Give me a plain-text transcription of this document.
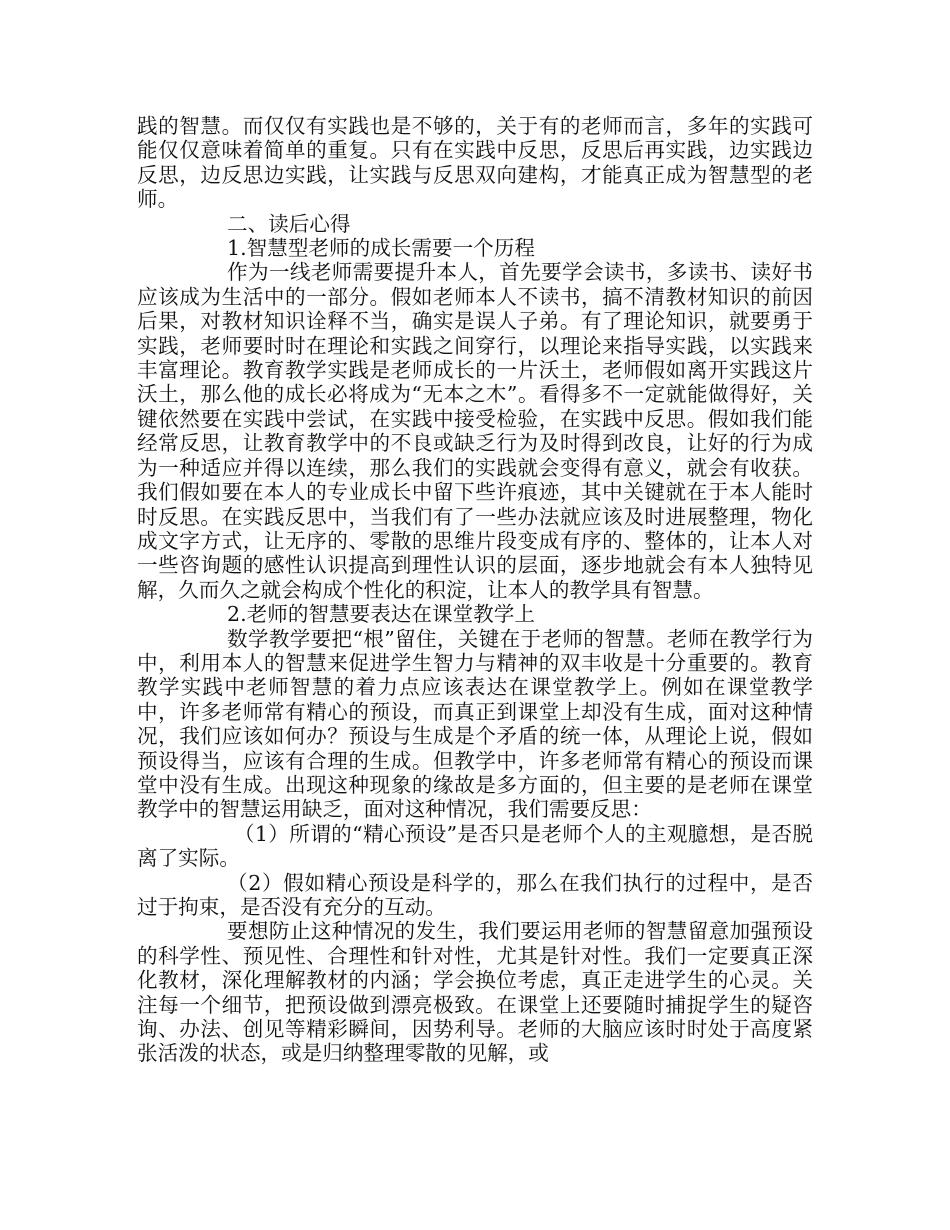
践的智慧。而仅仅有实践也是不够的，关于有的老师而言，多年的实践可能仅仅意味着简单的重复。只有在实践中反思，反思后再实践，边实践边反思，边反思边实践，让实践与反思双向建构，才能真正成为智慧型的老师。

二、读后心得

1.智慧型老师的成长需要一个历程

作为一线老师需要提升本人，首先要学会读书，多读书、读好书应该成为生活中的一部分。假如老师本人不读书，搞不清教材知识的前因后果，对教材知识诠释不当，确实是误人子弟。有了理论知识，就要勇于实践，老师要时时在理论和实践之间穿行，以理论来指导实践，以实践来丰富理论。教育教学实践是老师成长的一片沃土，老师假如离开实践这片沃土，那么他的成长必将成为“无本之木”。看得多不一定就能做得好，关键依然要在实践中尝试，在实践中接受检验，在实践中反思。假如我们能经常反思，让教育教学中的不良或缺乏行为及时得到改良，让好的行为成为一种适应并得以连续，那么我们的实践就会变得有意义，就会有收获。我们假如要在本人的专业成长中留下些许痕迹，其中关键就在于本人能时时反思。在实践反思中，当我们有了一些办法就应该及时进展整理，物化成文字方式，让无序的、零散的思维片段变成有序的、整体的，让本人对一些咨询题的感性认识提高到理性认识的层面，逐步地就会有本人独特见解，久而久之就会构成个性化的积淀，让本人的教学具有智慧。

2.老师的智慧要表达在课堂教学上

数学教学要把“根”留住，关键在于老师的智慧。老师在教学行为中，利用本人的智慧来促进学生智力与精神的双丰收是十分重要的。教育教学实践中老师智慧的着力点应该表达在课堂教学上。例如在课堂教学中，许多老师常有精心的预设，而真正到课堂上却没有生成，面对这种情况，我们应该如何办？预设与生成是个矛盾的统一体，从理论上说，假如预设得当，应该有合理的生成。但教学中，许多老师常有精心的预设而课堂中没有生成。出现这种现象的缘故是多方面的，但主要的是老师在课堂教学中的智慧运用缺乏，面对这种情况，我们需要反思：

（1）所谓的“精心预设”是否只是老师个人的主观臆想，是否脱离了实际。

（2）假如精心预设是科学的，那么在我们执行的过程中，是否过于拘束，是否没有充分的互动。

要想防止这种情况的发生，我们要运用老师的智慧留意加强预设的科学性、预见性、合理性和针对性，尤其是针对性。我们一定要真正深化教材，深化理解教材的内涵；学会换位考虑，真正走进学生的心灵。关注每一个细节，把预设做到漂亮极致。在课堂上还要随时捕捉学生的疑咨询、办法、创见等精彩瞬间，因势利导。老师的大脑应该时时处于高度紧张活泼的状态，或是归纳整理零散的见解，或
